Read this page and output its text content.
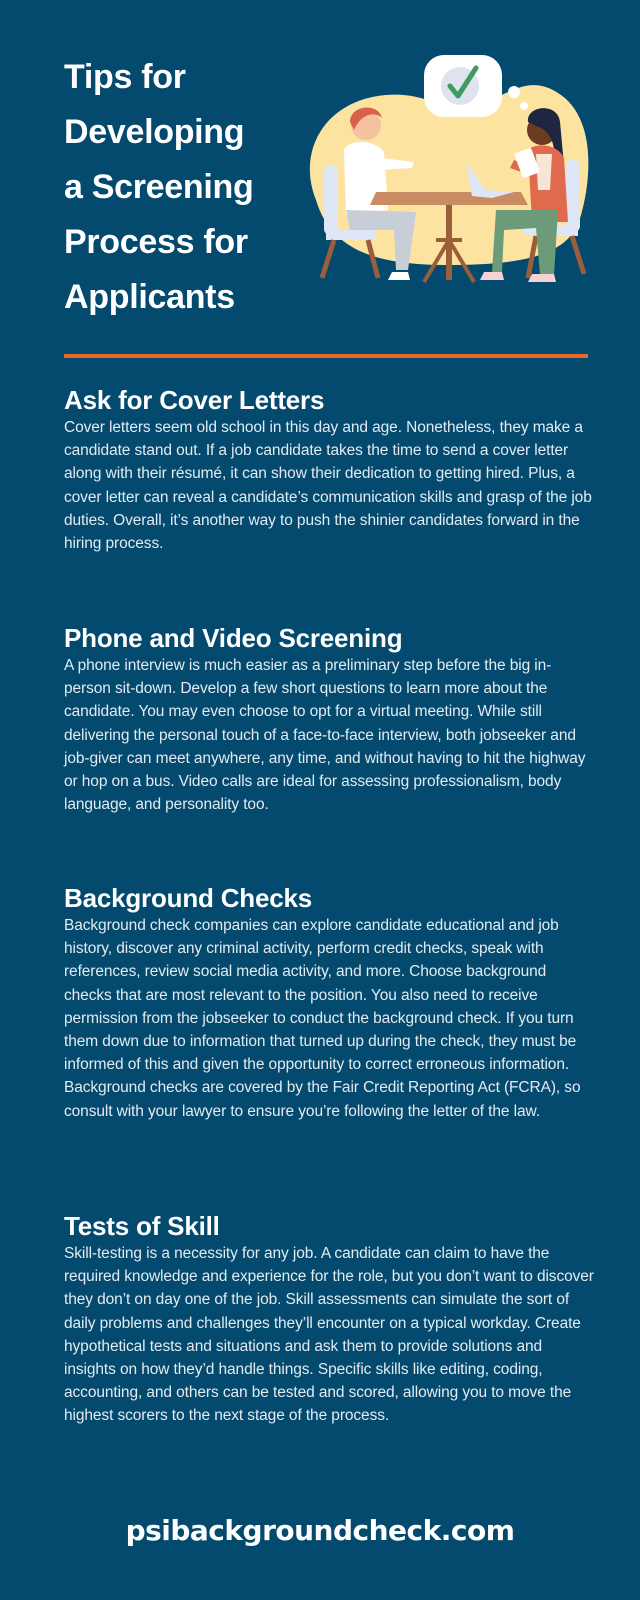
Tips for
Developing
a Screening
Process for
Applicants
Ask for Cover Letters

Cover letters seem old school in this day and age. Nonetheless, they make a candidate stand out. If a job candidate takes the time to send a cover letter along with their résumé, it can show their dedication to getting hired. Plus, a cover letter can reveal a candidate’s communication skills and grasp of the job duties. Overall, it’s another way to push the shinier candidates forward in the hiring process.

Phone and Video Screening

A phone interview is much easier as a preliminary step before the big in-person sit-down. Develop a few short questions to learn more about the candidate. You may even choose to opt for a virtual meeting. While still delivering the personal touch of a face-to-face interview, both jobseeker and job-giver can meet anywhere, any time, and without having to hit the highway or hop on a bus. Video calls are ideal for assessing professionalism, body language, and personality too.

Background Checks

Background check companies can explore candidate educational and job history, discover any criminal activity, perform credit checks, speak with references, review social media activity, and more. Choose background checks that are most relevant to the position. You also need to receive permission from the jobseeker to conduct the background check. If you turn them down due to information that turned up during the check, they must be informed of this and given the opportunity to correct erroneous information. Background checks are covered by the Fair Credit Reporting Act (FCRA), so consult with your lawyer to ensure you’re following the letter of the law.

Tests of Skill

Skill-testing is a necessity for any job. A candidate can claim to have the required knowledge and experience for the role, but you don’t want to discover they don’t on day one of the job. Skill assessments can simulate the sort of daily problems and challenges they’ll encounter on a typical workday. Create hypothetical tests and situations and ask them to provide solutions and insights on how they’d handle things. Specific skills like editing, coding, accounting, and others can be tested and scored, allowing you to move the highest scorers to the next stage of the process.

psibackgroundcheck.com
